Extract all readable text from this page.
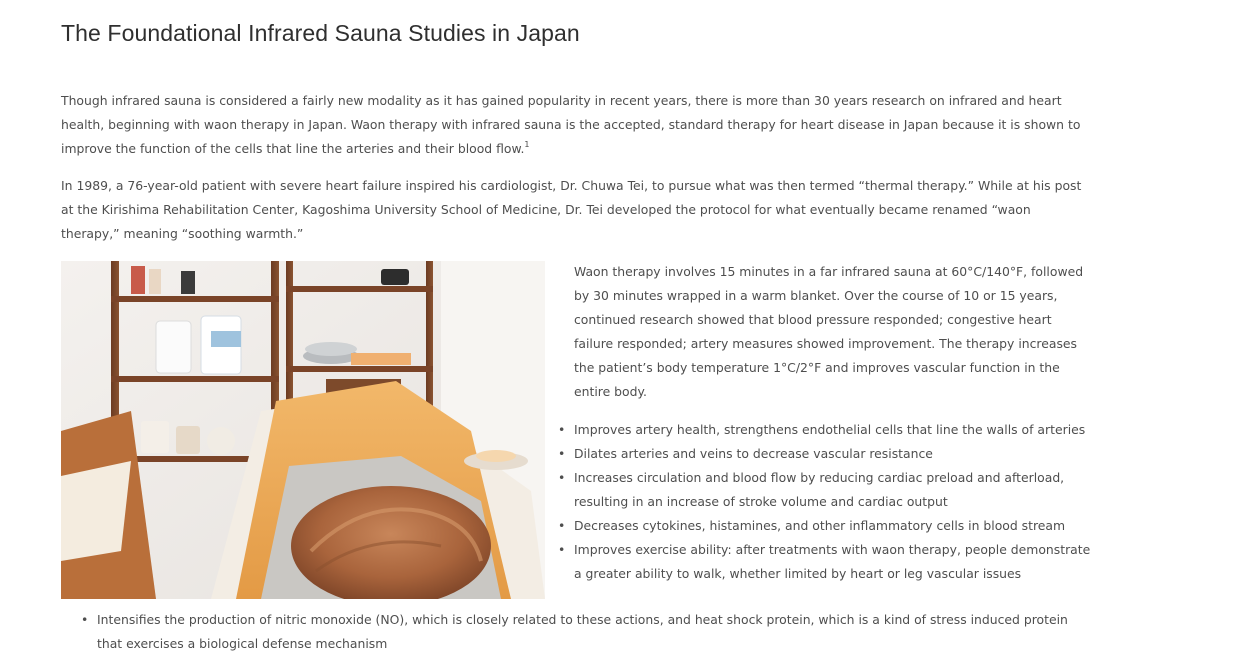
The Foundational Infrared Sauna Studies in Japan

Though infrared sauna is considered a fairly new modality as it has gained popularity in recent years, there is more than 30 years research on infrared and heart health, beginning with waon therapy in Japan. Waon therapy with infrared sauna is the accepted, standard therapy for heart disease in Japan because it is shown to improve the function of the cells that line the arteries and their blood flow.$^1$

In 1989, a 76-year-old patient with severe heart failure inspired his cardiologist, Dr. Chuwa Tei, to pursue what was then termed “thermal therapy.” While at his post at the Kirishima Rehabilitation Center, Kagoshima University School of Medicine, Dr. Tei developed the protocol for what eventually became renamed “waon therapy,” meaning “soothing warmth.”

Waon therapy involves 15 minutes in a far infrared sauna at 60°C/140°F, followed by 30 minutes wrapped in a warm blanket. Over the course of 10 or 15 years, continued research showed that blood pressure responded; congestive heart failure responded; artery measures showed improvement. The therapy increases the patient’s body temperature 1°C/2°F and improves vascular function in the entire body.

• Improves artery health, strengthens endothelial cells that line the walls of arteries
• Dilates arteries and veins to decrease vascular resistance
• Increases circulation and blood flow by reducing cardiac preload and afterload, resulting in an increase of stroke volume and cardiac output
• Decreases cytokines, histamines, and other inflammatory cells in blood stream
• Improves exercise ability: after treatments with waon therapy, people demonstrate a greater ability to walk, whether limited by heart or leg vascular issues
• Intensifies the production of nitric monoxide (NO), which is closely related to these actions, and heat shock protein, which is a kind of stress induced protein that exercises a biological defense mechanism
